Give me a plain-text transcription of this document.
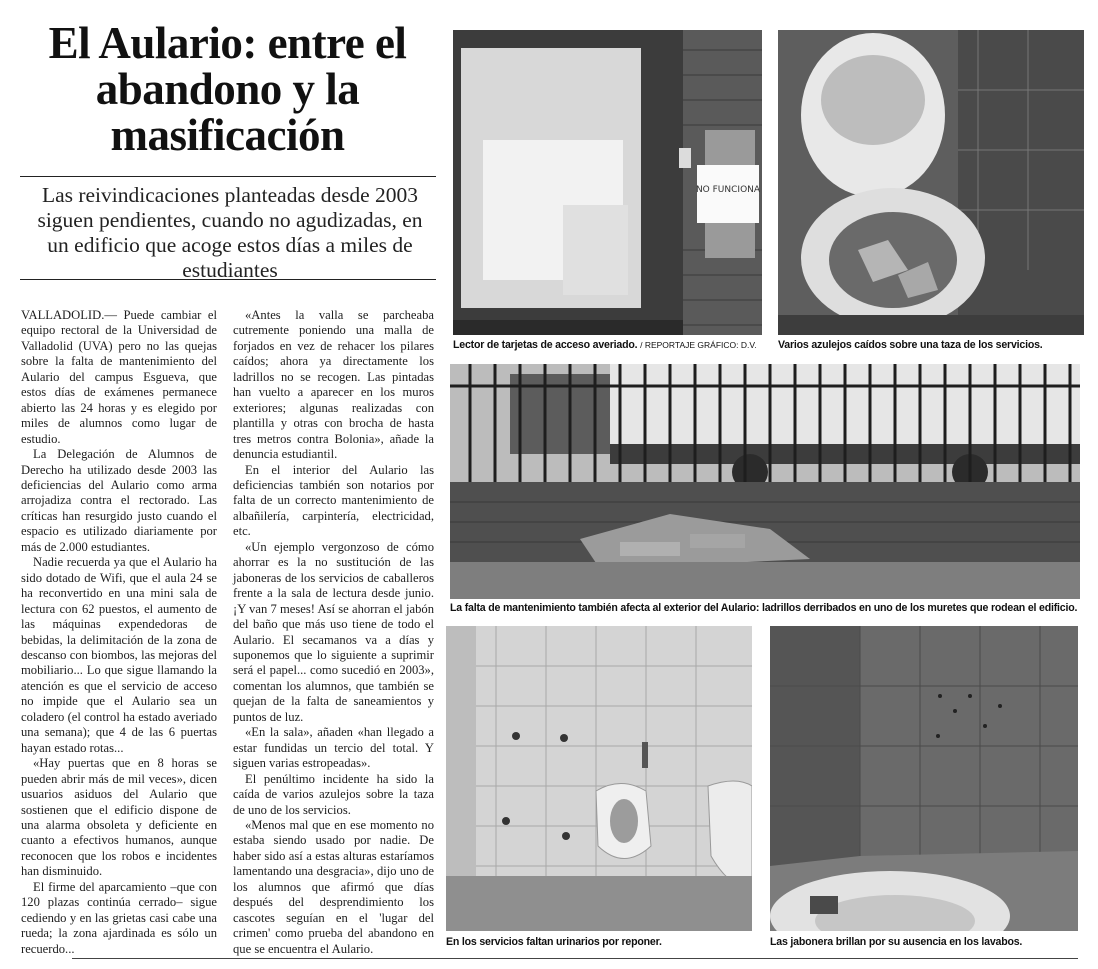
El Aulario: entre el abandono y la masificación
Las reivindicaciones planteadas desde 2003 siguen pendientes, cuando no agudizadas, en un edificio que acoge estos días a miles de estudiantes

VALLADOLID.— Puede cambiar el equipo rectoral de la Universidad de Valladolid (UVA) pero no las quejas sobre la falta de mantenimiento del Aulario del campus Esgueva, que estos días de exámenes permanece abierto las 24 horas y es elegido por miles de alumnos como lugar de estudio.

La Delegación de Alumnos de Derecho ha utilizado desde 2003 las deficiencias del Aulario como arma arrojadiza contra el rectorado. Las críticas han resurgido justo cuando el espacio es utilizado diariamente por más de 2.000 estudiantes.

Nadie recuerda ya que el Aulario ha sido dotado de Wifi, que el aula 24 se ha reconvertido en una mini sala de lectura con 62 puestos, el aumento de las máquinas expendedoras de bebidas, la delimitación de la zona de descanso con biombos, las mejoras del mobiliario... Lo que sigue llamando la atención es que el servicio de acceso no impide que el Aulario sea un coladero (el control ha estado averiado una semana); que 4 de las 6 puertas hayan estado rotas...

«Hay puertas que en 8 horas se pueden abrir más de mil veces», dicen usuarios asiduos del Aulario que sostienen que el edificio dispone de una alarma obsoleta y deficiente en cuanto a efectivos humanos, aunque reconocen que los robos e incidentes han disminuido.

El firme del aparcamiento –que con 120 plazas continúa cerrado– sigue cediendo y en las grietas casi cabe una rueda; la zona ajardinada es sólo un recuerdo...

«Antes la valla se parcheaba cutremente poniendo una malla de forjados en vez de rehacer los pilares caídos; ahora ya directamente los ladrillos no se recogen. Las pintadas han vuelto a aparecer en los muros exteriores; algunas realizadas con plantilla y otras con brocha de hasta tres metros contra Bolonia», añade la denuncia estudiantil.

En el interior del Aulario las deficiencias también son notarios por falta de un correcto mantenimiento de albañilería, carpintería, electricidad, etc.

«Un ejemplo vergonzoso de cómo ahorrar es la no sustitución de las jaboneras de los servicios de caballeros frente a la sala de lectura desde junio. ¡Y van 7 meses! Así se ahorran el jabón del baño que más uso tiene de todo el Aulario. El secamanos va a días y suponemos que lo siguiente a suprimir será el papel... como sucedió en 2003», comentan los alumnos, que también se quejan de la falta de saneamientos y puntos de luz.

«En la sala», añaden «han llegado a estar fundidas un tercio del total. Y siguen varias estropeadas».

El penúltimo incidente ha sido la caída de varios azulejos sobre la taza de uno de los servicios.

«Menos mal que en ese momento no estaba siendo usado por nadie. De haber sido así a estas alturas estaríamos lamentando una desgracia», dijo uno de los alumnos que afirmó que días después del desprendimiento los cascotes seguían en el 'lugar del crimen' como prueba del abandono en que se encuentra el Aulario.

NO FUNCIONA
Lector de tarjetas de acceso averiado. / REPORTAJE GRÁFICO: D.V. Varios azulejos caídos sobre una taza de los servicios.
La falta de mantenimiento también afecta al exterior del Aulario: ladrillos derribados en uno de los muretes que rodean el edificio.
En los servicios faltan urinarios por reponer.	Las jabonera brillan por su ausencia en los lavabos.
